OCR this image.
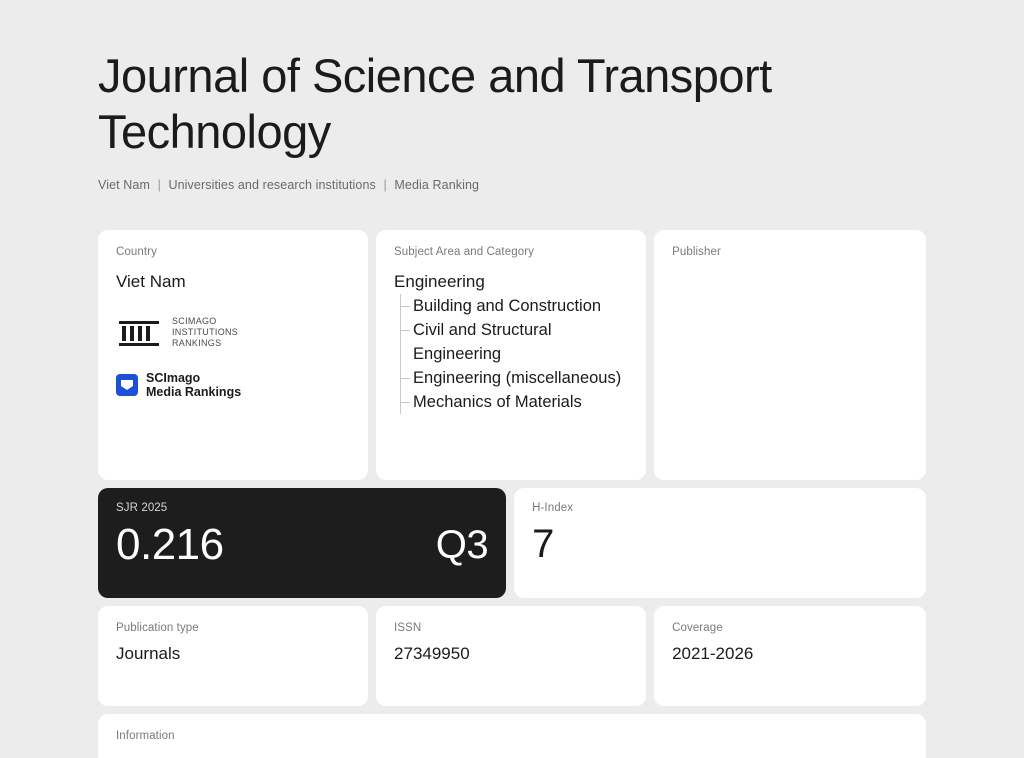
Journal of Science and Transport Technology
Viet Nam | Universities and research institutions | Media Ranking
Country
Viet Nam
SCIMAGO
INSTITUTIONS
RANKINGS
SCImago
Media Rankings
Subject Area and Category
Engineering
Building and Construction
Civil and Structural Engineering
Engineering (miscellaneous)
Mechanics of Materials
Publisher
SJR 2025
0.216	Q3
H-Index
7
Publication type
Journals
ISSN
27349950
Coverage
2021-2026
Information
